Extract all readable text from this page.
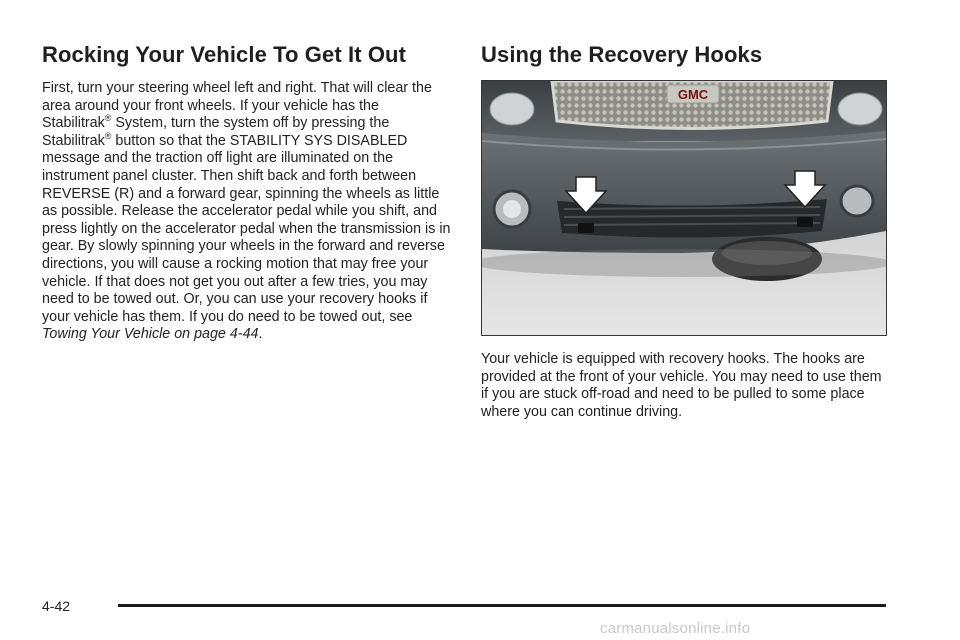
Rocking Your Vehicle To Get It Out

First, turn your steering wheel left and right. That will clear the area around your front wheels. If your vehicle has the Stabilitrak® System, turn the system off by pressing the Stabilitrak® button so that the STABILITY SYS DISABLED message and the traction off light are illuminated on the instrument panel cluster. Then shift back and forth between REVERSE (R) and a forward gear, spinning the wheels as little as possible. Release the accelerator pedal while you shift, and press lightly on the accelerator pedal when the transmission is in gear. By slowly spinning your wheels in the forward and reverse directions, you will cause a rocking motion that may free your vehicle. If that does not get you out after a few tries, you may need to be towed out. Or, you can use your recovery hooks if your vehicle has them. If you do need to be towed out, see Towing Your Vehicle on page 4-44.

Using the Recovery Hooks
GMC

Your vehicle is equipped with recovery hooks. The hooks are provided at the front of your vehicle. You may need to use them if you are stuck off-road and need to be pulled to some place where you can continue driving.

4-42
carmanualsonline.info
